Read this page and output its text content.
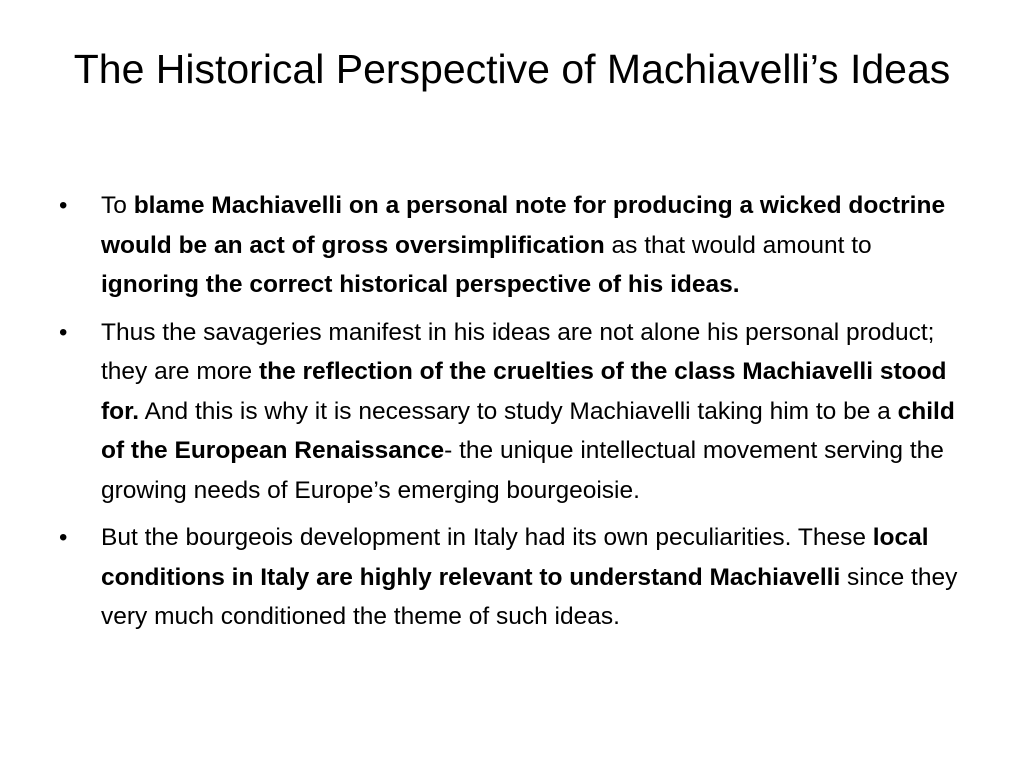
The Historical Perspective of Machiavelli’s Ideas
• To blame Machiavelli on a personal note for producing a wicked doctrine would be an act of gross oversimplification as that would amount to ignoring the correct historical perspective of his ideas.
• Thus the savageries manifest in his ideas are not alone his personal product; they are more the reflection of the cruelties of the class Machiavelli stood for. And this is why it is necessary to study Machiavelli taking him to be a child of the European Renaissance- the unique intellectual movement serving the growing needs of Europe’s emerging bourgeoisie.
• But the bourgeois development in Italy had its own peculiarities. These local conditions in Italy are highly relevant to understand Machiavelli since they very much conditioned the theme of such ideas.
